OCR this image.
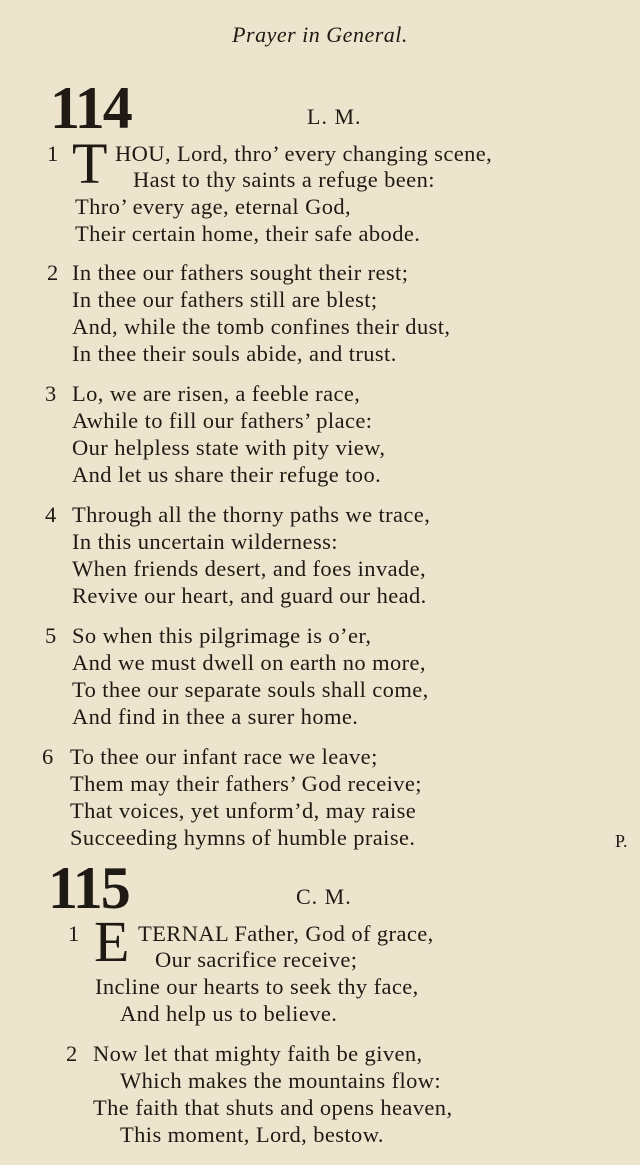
Prayer in General.
114	L. M.
1 T HOU, Lord, thro’ every changing scene,
Hast to thy saints a refuge been:
Thro’ every age, eternal God,
Their certain home, their safe abode.
2 In thee our fathers sought their rest;
In thee our fathers still are blest;
And, while the tomb confines their dust,
In thee their souls abide, and trust.
3 Lo, we are risen, a feeble race,
Awhile to fill our fathers’ place:
Our helpless state with pity view,
And let us share their refuge too.
4 Through all the thorny paths we trace,
In this uncertain wilderness:
When friends desert, and foes invade,
Revive our heart, and guard our head.
5 So when this pilgrimage is o’er,
And we must dwell on earth no more,
To thee our separate souls shall come,
And find in thee a surer home.
6 To thee our infant race we leave;
Them may their fathers’ God receive;
That voices, yet unform’d, may raise
Succeeding hymns of humble praise.	P.
115	C. M.
1 E TERNAL Father, God of grace,
Our sacrifice receive;
Incline our hearts to seek thy face,
And help us to believe.
2 Now let that mighty faith be given,
Which makes the mountains flow:
The faith that shuts and opens heaven,
This moment, Lord, bestow.
